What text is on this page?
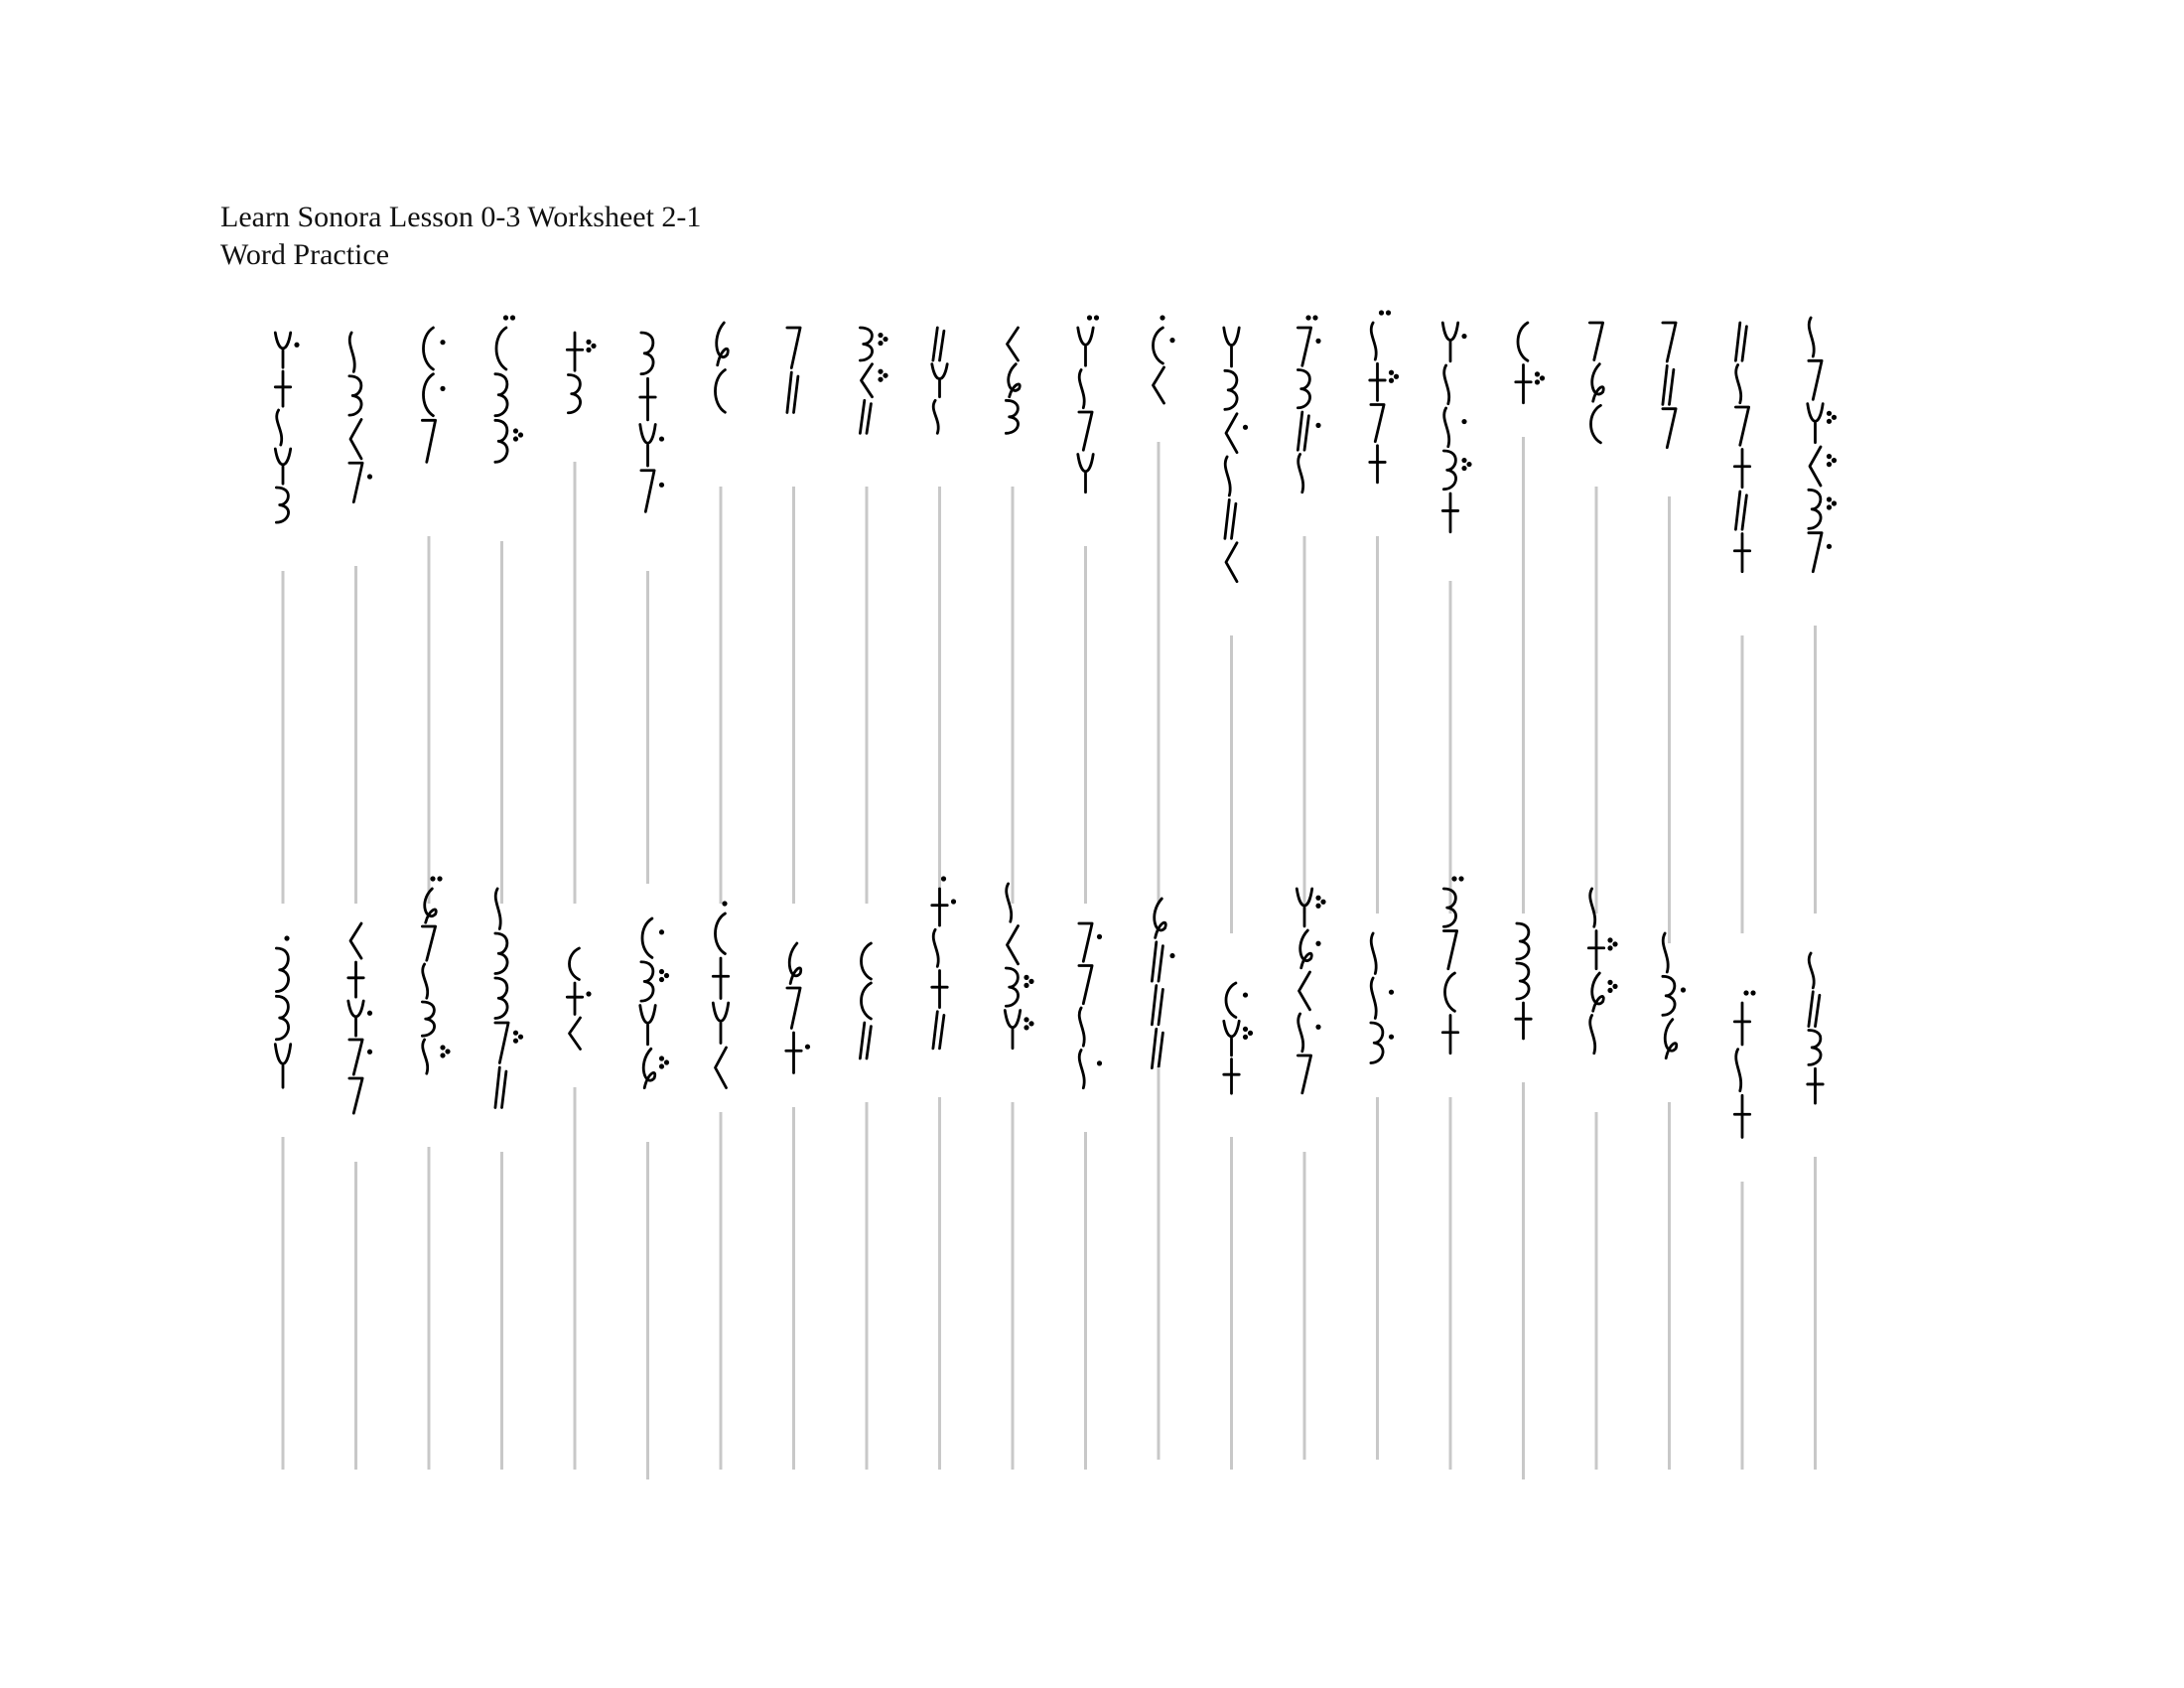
Learn Sonora Lesson 0-3 Worksheet 2-1
Word Practice
